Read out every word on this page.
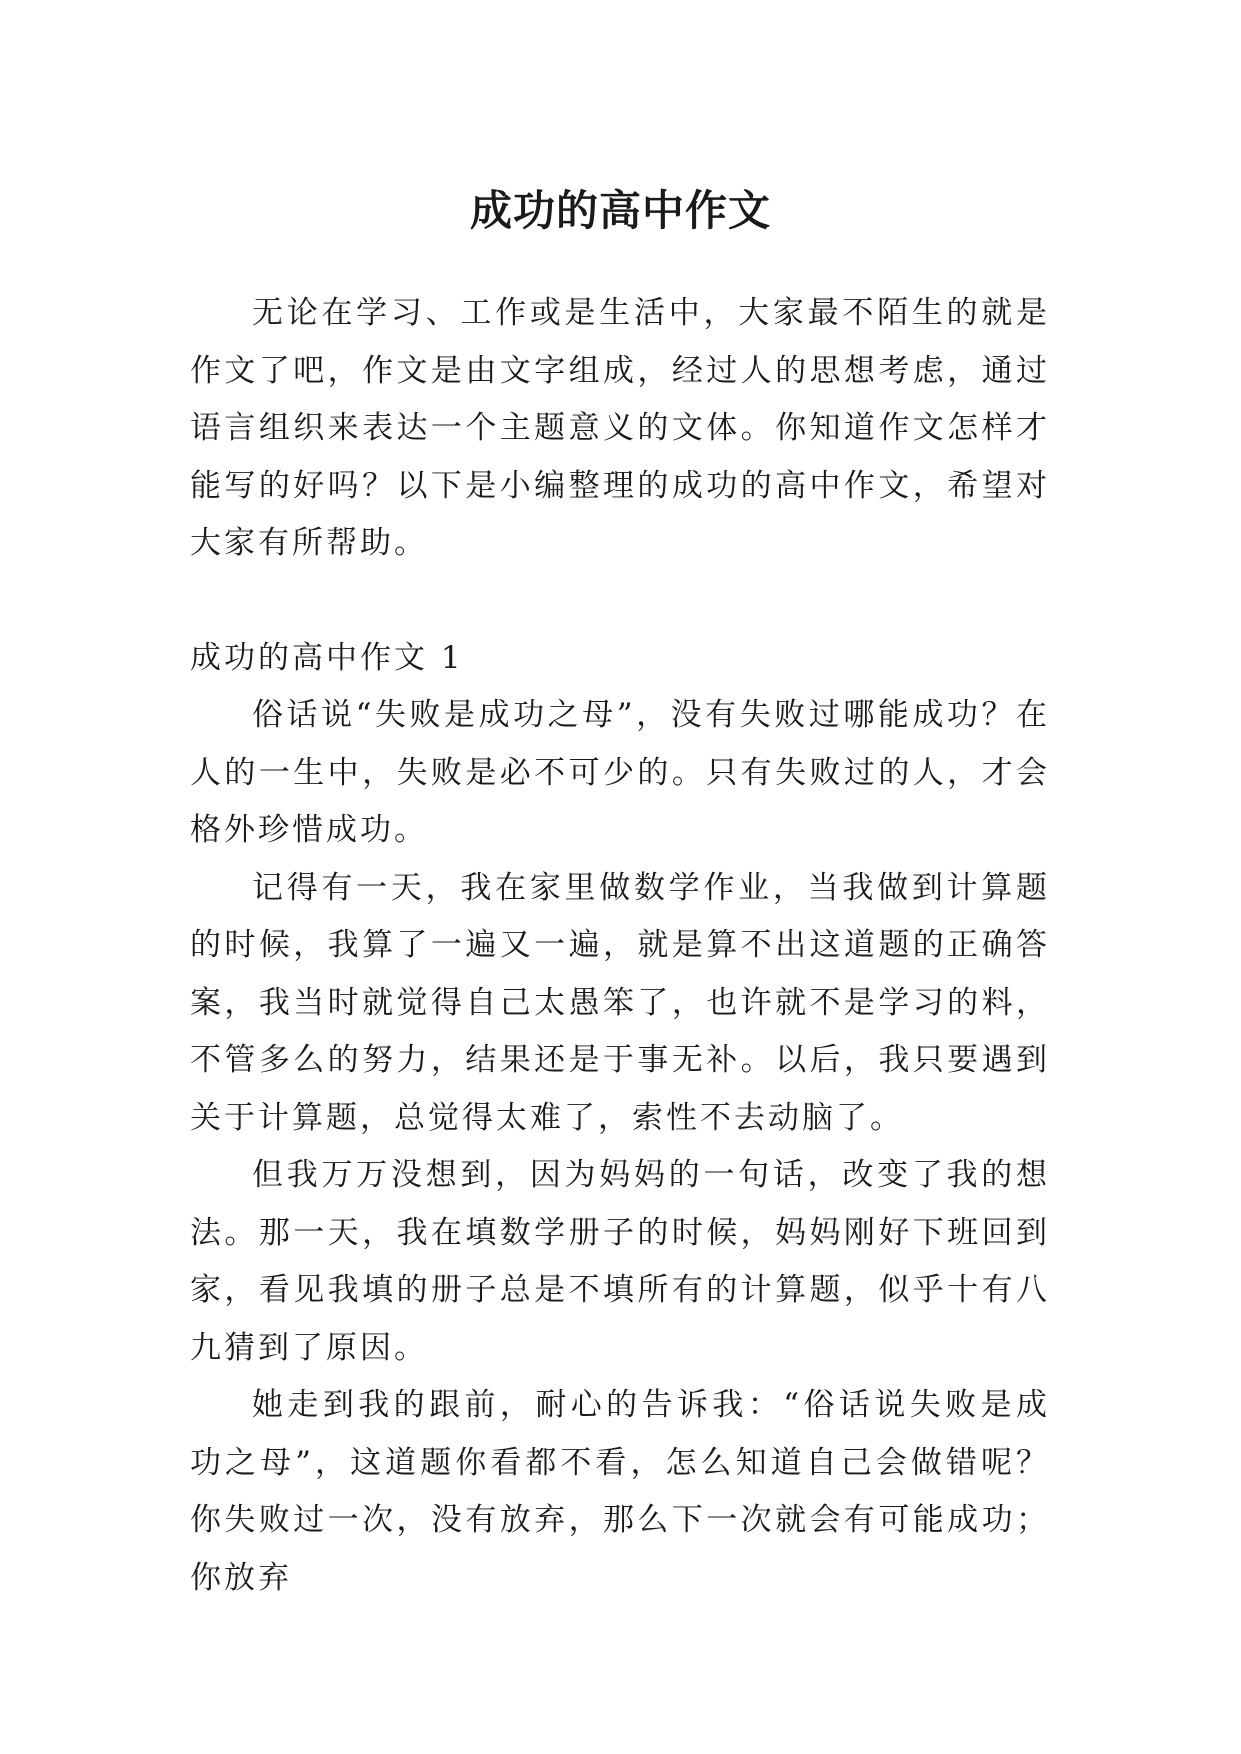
成功的高中作文

无论在学习、工作或是生活中，大家最不陌生的就是作文了吧，作文是由文字组成，经过人的思想考虑，通过语言组织来表达一个主题意义的文体。你知道作文怎样才能写的好吗？以下是小编整理的成功的高中作文，希望对大家有所帮助。

成功的高中作文 1

俗话说“失败是成功之母”，没有失败过哪能成功？在人的一生中，失败是必不可少的。只有失败过的人，才会格外珍惜成功。

记得有一天，我在家里做数学作业，当我做到计算题的时候，我算了一遍又一遍，就是算不出这道题的正确答案，我当时就觉得自己太愚笨了，也许就不是学习的料，不管多么的努力，结果还是于事无补。以后，我只要遇到关于计算题，总觉得太难了，索性不去动脑了。

但我万万没想到，因为妈妈的一句话，改变了我的想法。那一天，我在填数学册子的时候，妈妈刚好下班回到家，看见我填的册子总是不填所有的计算题，似乎十有八九猜到了原因。

她走到我的跟前，耐心的告诉我：“俗话说失败是成功之母”，这道题你看都不看，怎么知道自己会做错呢？你失败过一次，没有放弃，那么下一次就会有可能成功；你放弃
